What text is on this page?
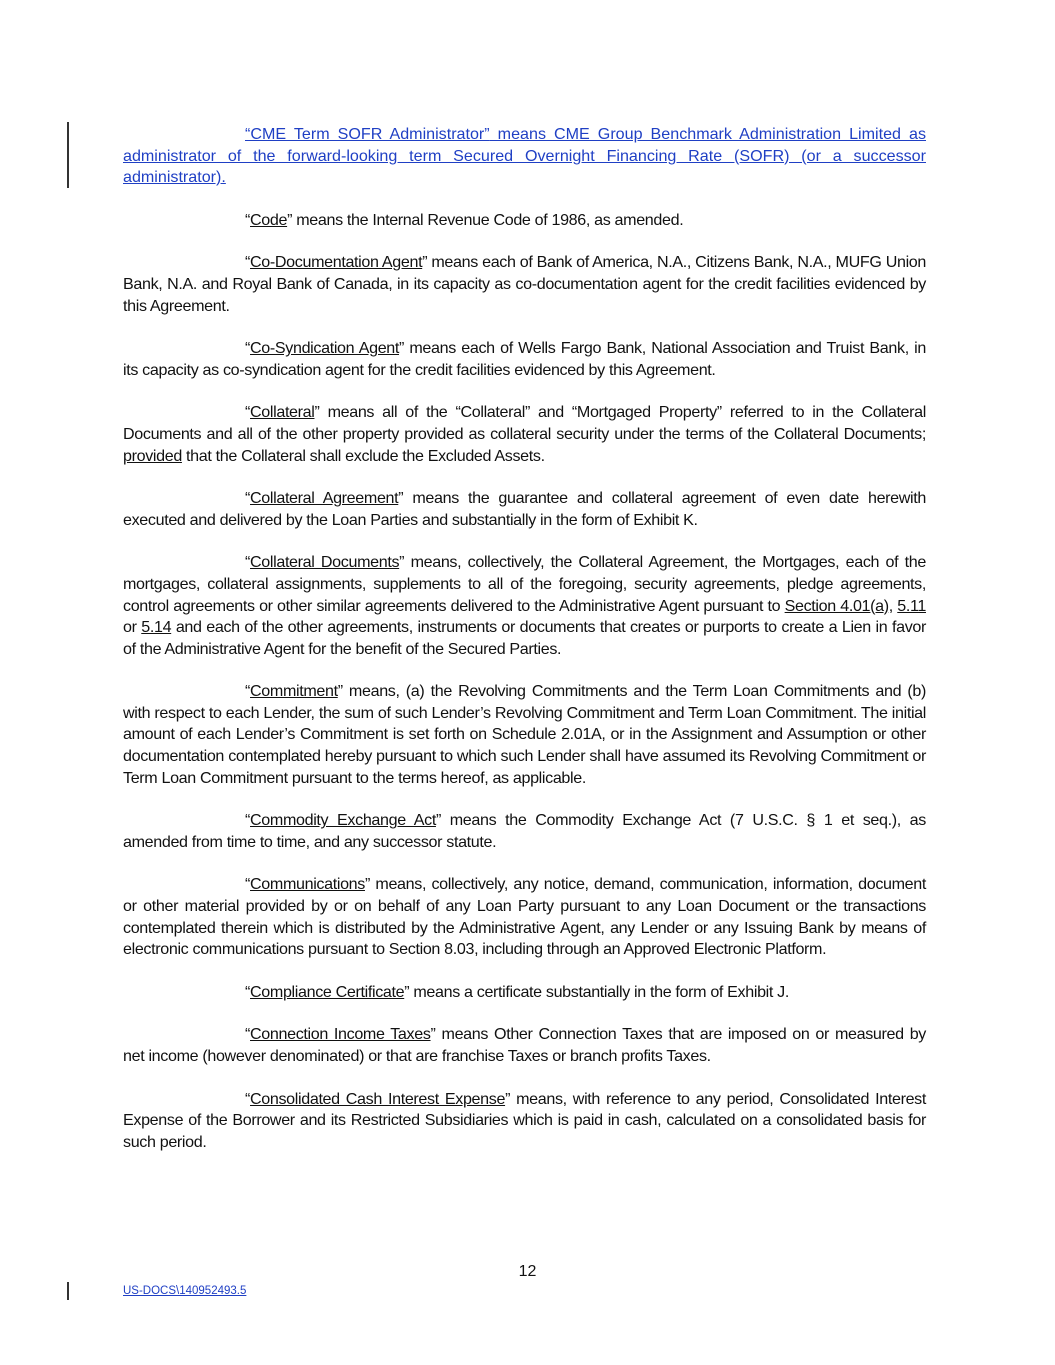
“CME Term SOFR Administrator” means CME Group Benchmark Administration Limited as administrator of the forward-looking term Secured Overnight Financing Rate (SOFR) (or a successor administrator).

“Code” means the Internal Revenue Code of 1986, as amended.

“Co-Documentation Agent” means each of Bank of America, N.A., Citizens Bank, N.A., MUFG Union Bank, N.A. and Royal Bank of Canada, in its capacity as co-documentation agent for the credit facilities evidenced by this Agreement.

“Co-Syndication Agent” means each of Wells Fargo Bank, National Association and Truist Bank, in its capacity as co-syndication agent for the credit facilities evidenced by this Agreement.

“Collateral” means all of the “Collateral” and “Mortgaged Property” referred to in the Collateral Documents and all of the other property provided as collateral security under the terms of the Collateral Documents; provided that the Collateral shall exclude the Excluded Assets.

“Collateral Agreement” means the guarantee and collateral agreement of even date herewith executed and delivered by the Loan Parties and substantially in the form of Exhibit K.

“Collateral Documents” means, collectively, the Collateral Agreement, the Mortgages, each of the mortgages, collateral assignments, supplements to all of the foregoing, security agreements, pledge agreements, control agreements or other similar agreements delivered to the Administrative Agent pursuant to Section 4.01(a), 5.11 or 5.14 and each of the other agreements, instruments or documents that creates or purports to create a Lien in favor of the Administrative Agent for the benefit of the Secured Parties.

“Commitment” means, (a) the Revolving Commitments and the Term Loan Commitments and (b) with respect to each Lender, the sum of such Lender’s Revolving Commitment and Term Loan Commitment. The initial amount of each Lender’s Commitment is set forth on Schedule 2.01A, or in the Assignment and Assumption or other documentation contemplated hereby pursuant to which such Lender shall have assumed its Revolving Commitment or Term Loan Commitment pursuant to the terms hereof, as applicable.

“Commodity Exchange Act” means the Commodity Exchange Act (7 U.S.C. § 1 et seq.), as amended from time to time, and any successor statute.

“Communications” means, collectively, any notice, demand, communication, information, document or other material provided by or on behalf of any Loan Party pursuant to any Loan Document or the transactions contemplated therein which is distributed by the Administrative Agent, any Lender or any Issuing Bank by means of electronic communications pursuant to Section 8.03, including through an Approved Electronic Platform.

“Compliance Certificate” means a certificate substantially in the form of Exhibit J.

“Connection Income Taxes” means Other Connection Taxes that are imposed on or measured by net income (however denominated) or that are franchise Taxes or branch profits Taxes.

“Consolidated Cash Interest Expense” means, with reference to any period, Consolidated Interest Expense of the Borrower and its Restricted Subsidiaries which is paid in cash, calculated on a consolidated basis for such period.

12
US-DOCS\140952493.5
